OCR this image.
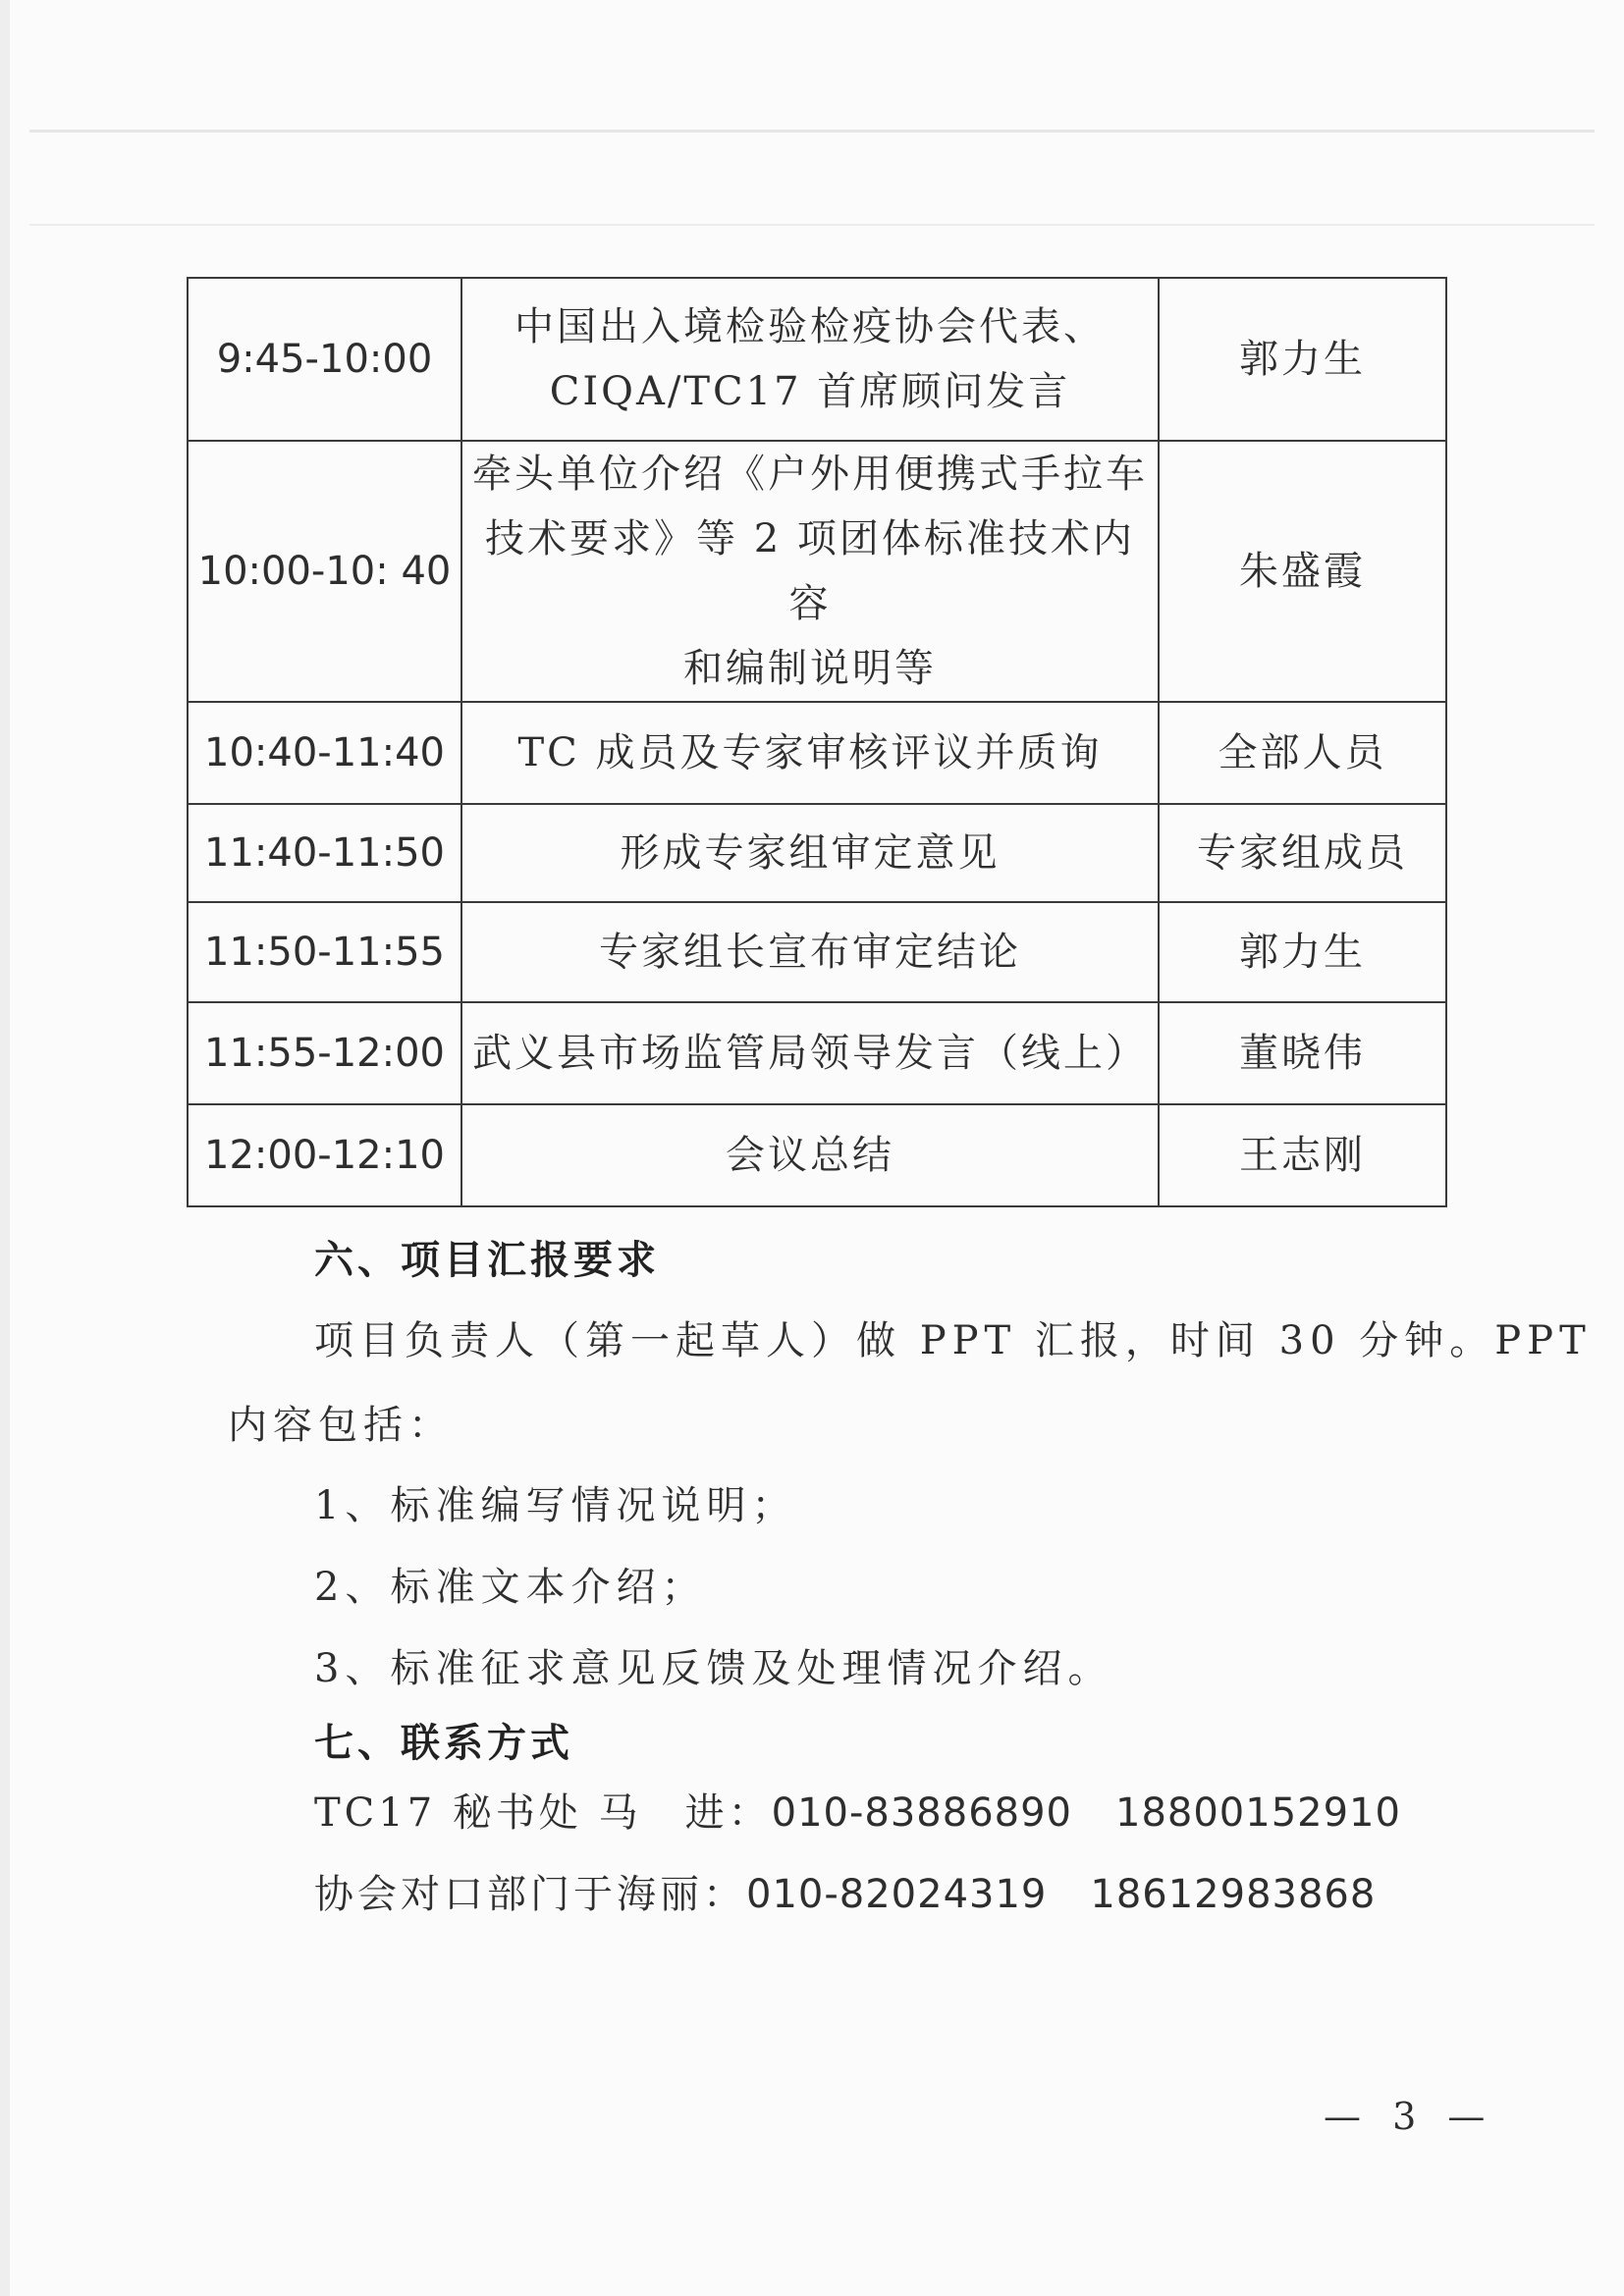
9:45-10:00	中国出入境检验检疫协会代表、
CIQA/TC17 首席顾问发言	郭力生
10:00-10: 40	牵头单位介绍《户外用便携式手拉车
技术要求》等 2 项团体标准技术内容
和编制说明等	朱盛霞
10:40-11:40	TC 成员及专家审核评议并质询	全部人员
11:40-11:50	形成专家组审定意见	专家组成员
11:50-11:55	专家组长宣布审定结论	郭力生
11:55-12:00	武义县市场监管局领导发言（线上）	董晓伟
12:00-12:10	会议总结	王志刚
六、项目汇报要求
项目负责人（第一起草人）做 PPT 汇报，时间 30 分钟。PPT
内容包括：
1、标准编写情况说明；
2、标准文本介绍；
3、标准征求意见反馈及处理情况介绍。
七、联系方式
TC17 秘书处 马　进：010-83886890 18800152910
协会对口部门于海丽：010-82024319 18612983868
— 3 —
